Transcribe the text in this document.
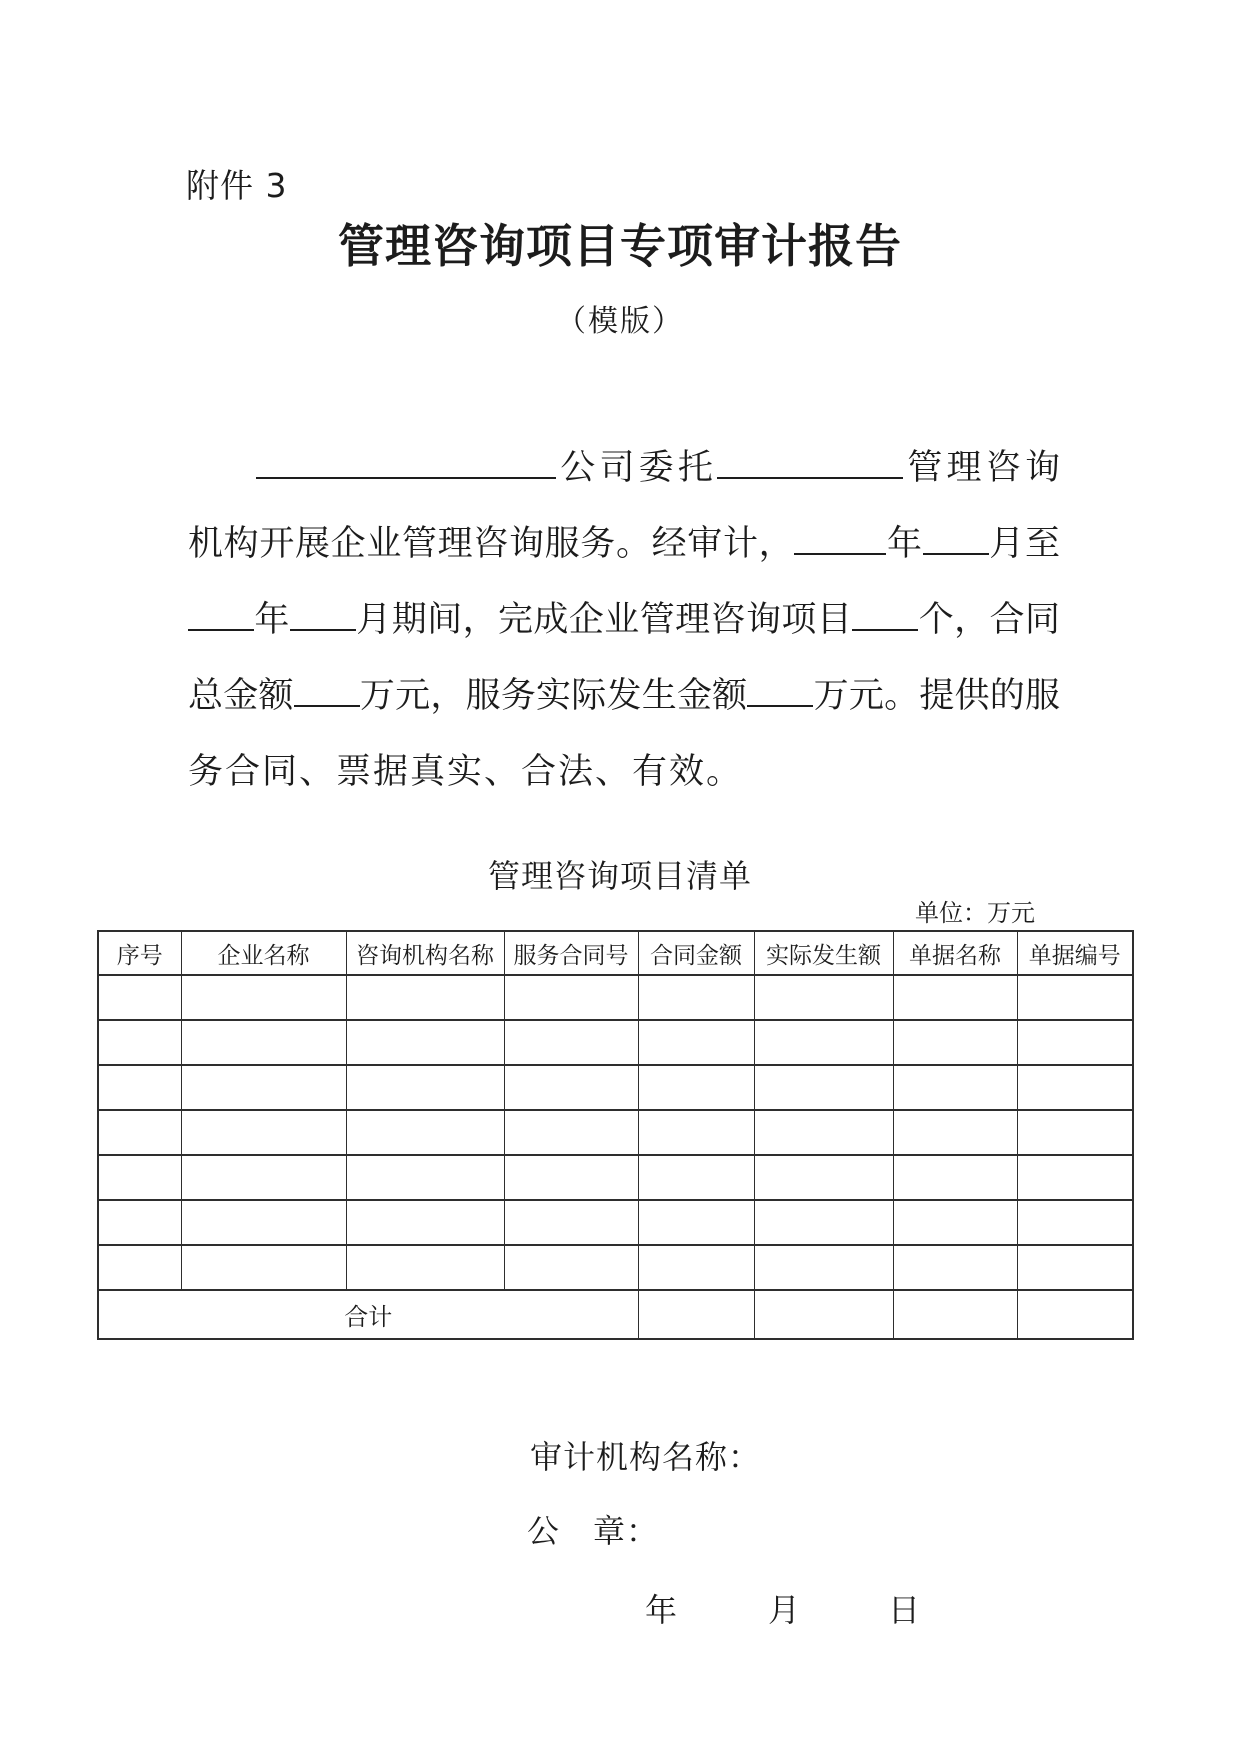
附件 3
管理咨询项目专项审计报告
（模版）
公司委托	管理咨询
机构开展企业管理咨询服务。经审计，	年 月至
年 月期间，完成企业管理咨询项目 个，合同
总金额 万元，服务实际发生金额 万元。提供的服
务合同、票据真实、合法、有效。
管理咨询项目清单
单位：万元
序号	企业名称	咨询机构名称	服务合同号	合同金额	实际发生额	单据名称	单据编号

合计							
审计机构名称：
公　章：
年	月	日
